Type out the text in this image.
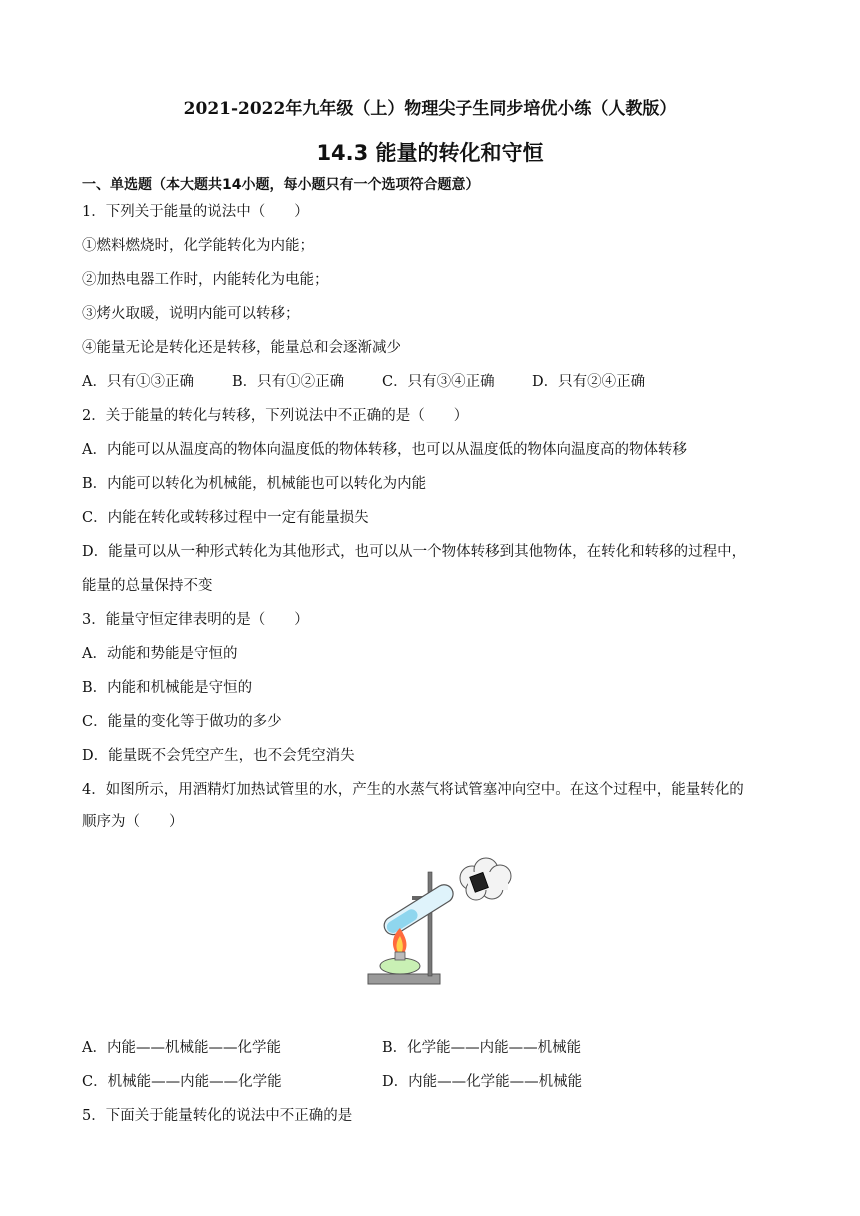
2021-2022年九年级（上）物理尖子生同步培优小练（人教版）
14.3 能量的转化和守恒
一、单选题（本大题共14小题，每小题只有一个选项符合题意）
1．下列关于能量的说法中（　　）
①燃料燃烧时，化学能转化为内能；
②加热电器工作时，内能转化为电能；
③烤火取暖，说明内能可以转移；
④能量无论是转化还是转移，能量总和会逐渐减少
A．只有①③正确	B．只有①②正确	C．只有③④正确	D．只有②④正确
2．关于能量的转化与转移，下列说法中不正确的是（　　）
A．内能可以从温度高的物体向温度低的物体转移，也可以从温度低的物体向温度高的物体转移
B．内能可以转化为机械能，机械能也可以转化为内能
C．内能在转化或转移过程中一定有能量损失
D．能量可以从一种形式转化为其他形式，也可以从一个物体转移到其他物体，在转化和转移的过程中，
能量的总量保持不变
3．能量守恒定律表明的是（　　）
A．动能和势能是守恒的
B．内能和机械能是守恒的
C．能量的变化等于做功的多少
D．能量既不会凭空产生，也不会凭空消失
4．如图所示，用酒精灯加热试管里的水，产生的水蒸气将试管塞冲向空中。在这个过程中，能量转化的
顺序为（　　）
A．内能——机械能——化学能	B．化学能——内能——机械能
C．机械能——内能——化学能	D．内能——化学能——机械能
5．下面关于能量转化的说法中不正确的是
